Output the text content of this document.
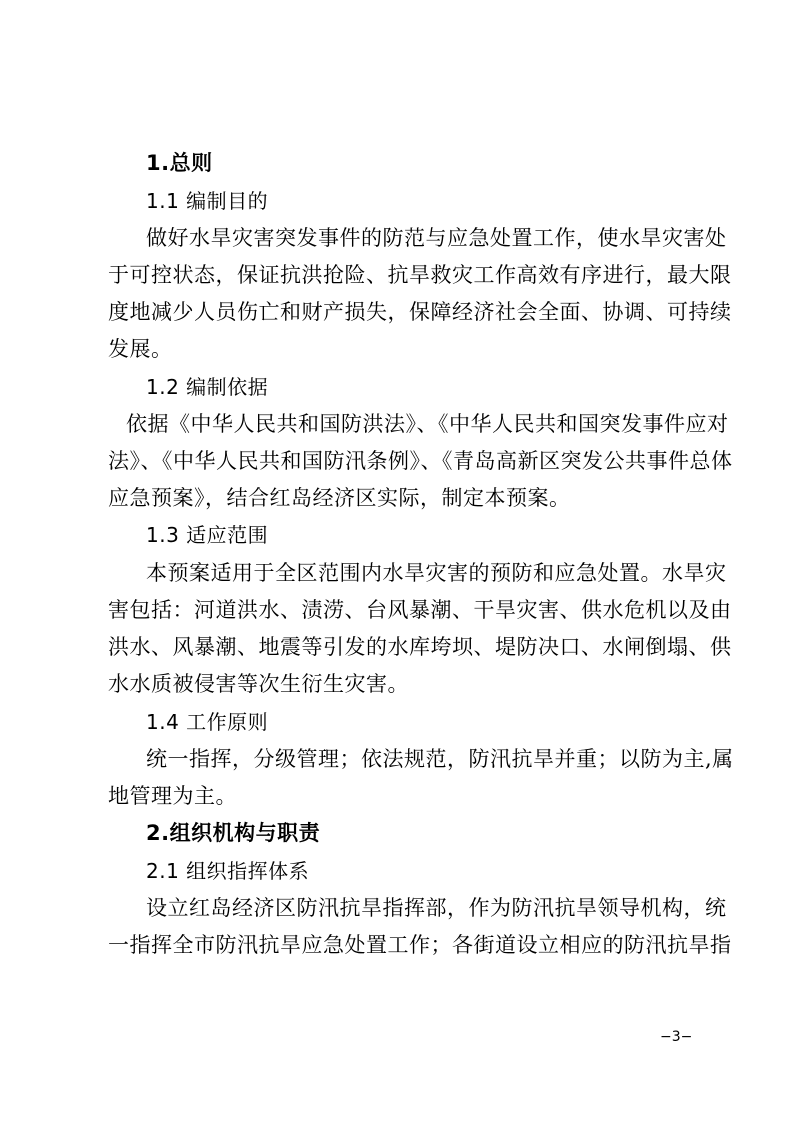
1.总则
1.1 编制目的
做好水旱灾害突发事件的防范与应急处置工作，使水旱灾害处
于可控状态，保证抗洪抢险、抗旱救灾工作高效有序进行，最大限
度地减少人员伤亡和财产损失，保障经济社会全面、协调、可持续
发展。
1.2 编制依据
依据《中华人民共和国防洪法》、《中华人民共和国突发事件应对
法》、《中华人民共和国防汛条例》、《青岛高新区突发公共事件总体
应急预案》，结合红岛经济区实际，制定本预案。
1.3 适应范围
本预案适用于全区范围内水旱灾害的预防和应急处置。水旱灾
害包括：河道洪水、渍涝、台风暴潮、干旱灾害、供水危机以及由
洪水、风暴潮、地震等引发的水库垮坝、堤防决口、水闸倒塌、供
水水质被侵害等次生衍生灾害。
1.4 工作原则
统一指挥，分级管理；依法规范，防汛抗旱并重；以防为主,属
地管理为主。
2.组织机构与职责
2.1 组织指挥体系
设立红岛经济区防汛抗旱指挥部，作为防汛抗旱领导机构，统
一指挥全市防汛抗旱应急处置工作；各街道设立相应的防汛抗旱指
−3−
